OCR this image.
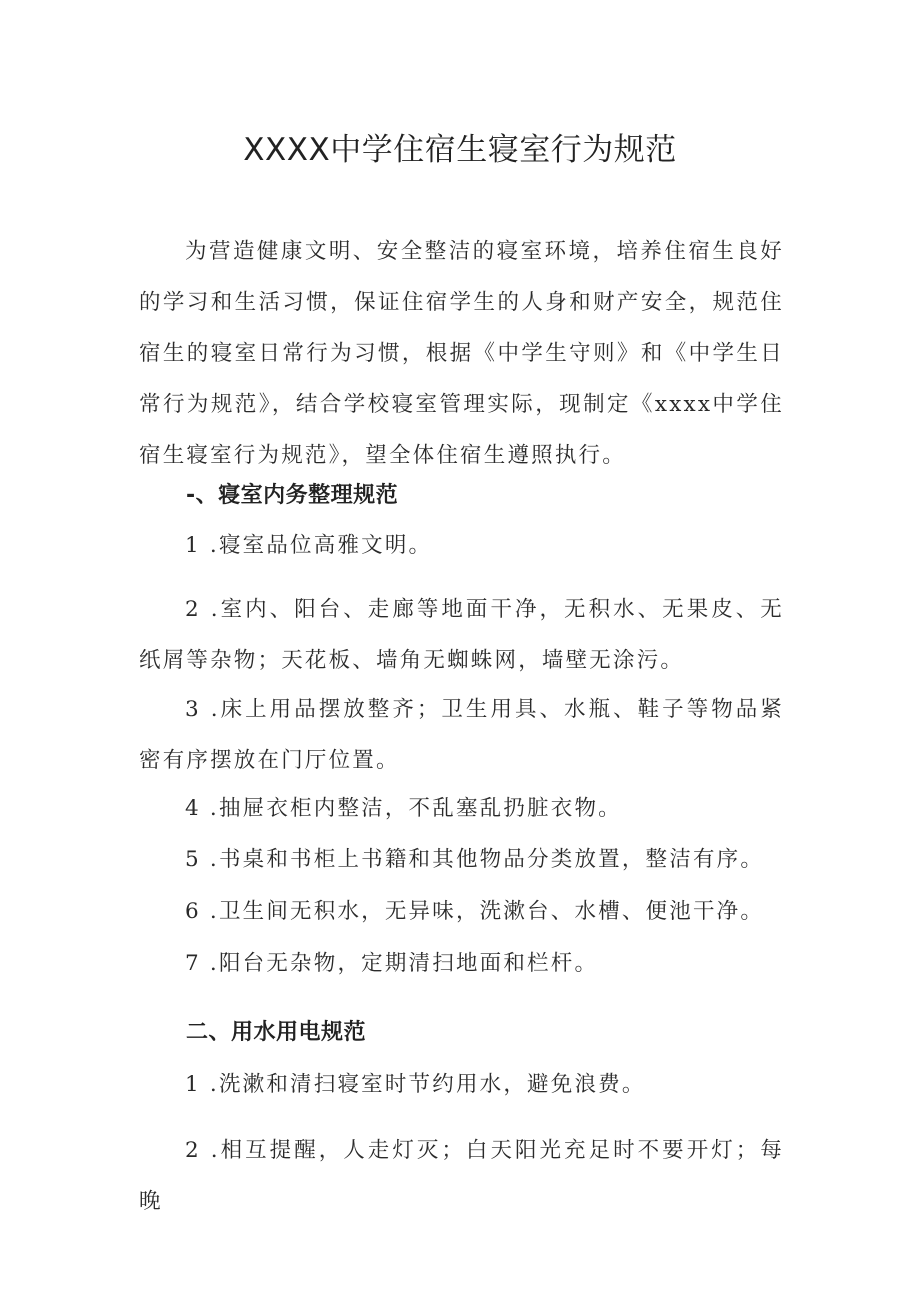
XXXX中学住宿生寝室行为规范

为营造健康文明、安全整洁的寝室环境，培养住宿生良好的学习和生活习惯，保证住宿学生的人身和财产安全，规范住宿生的寝室日常行为习惯，根据《中学生守则》和《中学生日常行为规范》，结合学校寝室管理实际，现制定《xxxx中学住宿生寝室行为规范》，望全体住宿生遵照执行。

-、寝室内务整理规范

1 .寝室品位高雅文明。

2 .室内、阳台、走廊等地面干净，无积水、无果皮、无纸屑等杂物；天花板、墙角无蜘蛛网，墙壁无涂污。

3 .床上用品摆放整齐；卫生用具、水瓶、鞋子等物品紧密有序摆放在门厅位置。

4 .抽屉衣柜内整洁，不乱塞乱扔脏衣物。

5 .书桌和书柜上书籍和其他物品分类放置，整洁有序。

6 .卫生间无积水，无异味，洗漱台、水槽、便池干净。

7 .阳台无杂物，定期清扫地面和栏杆。

二、用水用电规范

1 .洗漱和清扫寝室时节约用水，避免浪费。

2 .相互提醒，人走灯灭；白天阳光充足时不要开灯；每晚
